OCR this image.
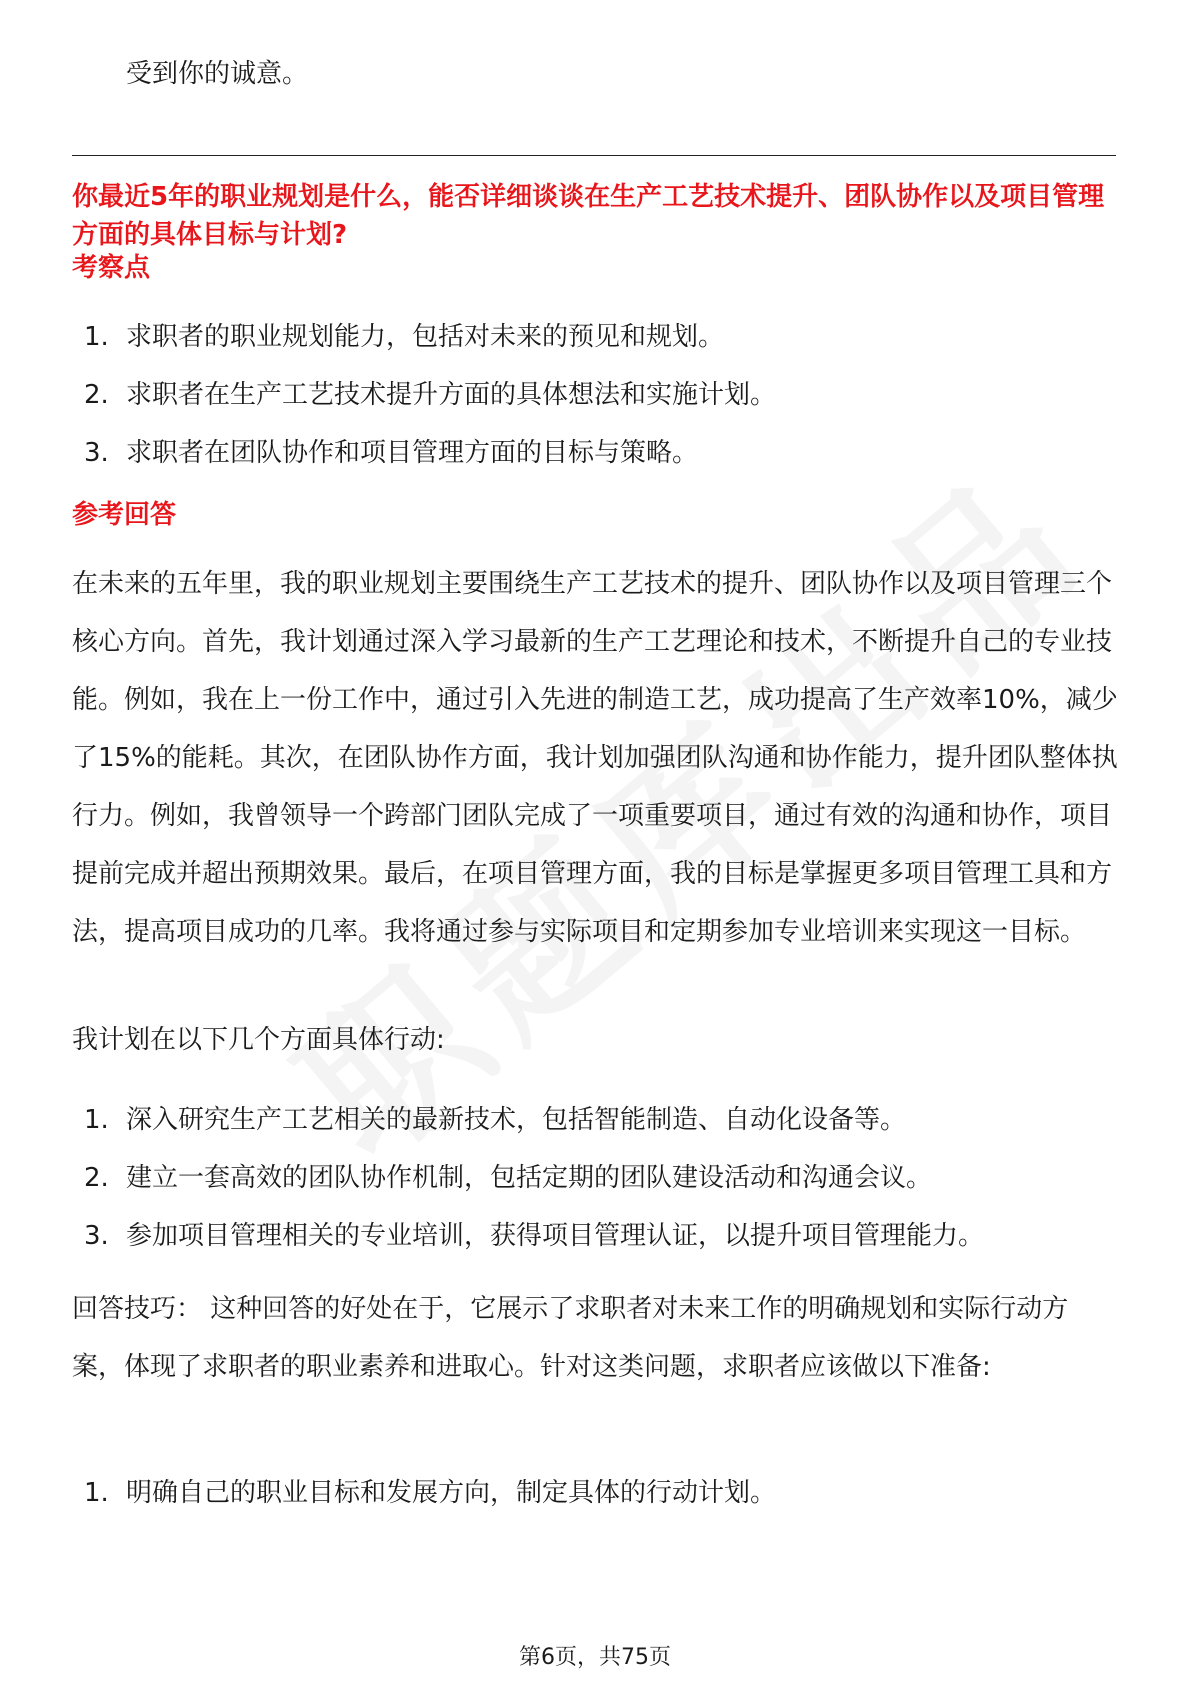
受到你的诚意。
你最近5年的职业规划是什么，能否详细谈谈在生产工艺技术提升、团队协作以及项目管理方面的具体目标与计划?
考察点
1. 求职者的职业规划能力，包括对未来的预见和规划。
2. 求职者在生产工艺技术提升方面的具体想法和实施计划。
3. 求职者在团队协作和项目管理方面的目标与策略。
参考回答

在未来的五年里，我的职业规划主要围绕生产工艺技术的提升、团队协作以及项目管理三个核心方向。首先，我计划通过深入学习最新的生产工艺理论和技术，不断提升自己的专业技能。例如，我在上一份工作中，通过引入先进的制造工艺，成功提高了生产效率10%，减少了15%的能耗。其次，在团队协作方面，我计划加强团队沟通和协作能力，提升团队整体执行力。例如，我曾领导一个跨部门团队完成了一项重要项目，通过有效的沟通和协作，项目提前完成并超出预期效果。最后，在项目管理方面，我的目标是掌握更多项目管理工具和方法，提高项目成功的几率。我将通过参与实际项目和定期参加专业培训来实现这一目标。

我计划在以下几个方面具体行动:

1. 深入研究生产工艺相关的最新技术，包括智能制造、自动化设备等。
2. 建立一套高效的团队协作机制，包括定期的团队建设活动和沟通会议。
3. 参加项目管理相关的专业培训，获得项目管理认证，以提升项目管理能力。

回答技巧： 这种回答的好处在于，它展示了求职者对未来工作的明确规划和实际行动方案，体现了求职者的职业素养和进取心。针对这类问题，求职者应该做以下准备:

1. 明确自己的职业目标和发展方向，制定具体的行动计划。
第6页，共75页
